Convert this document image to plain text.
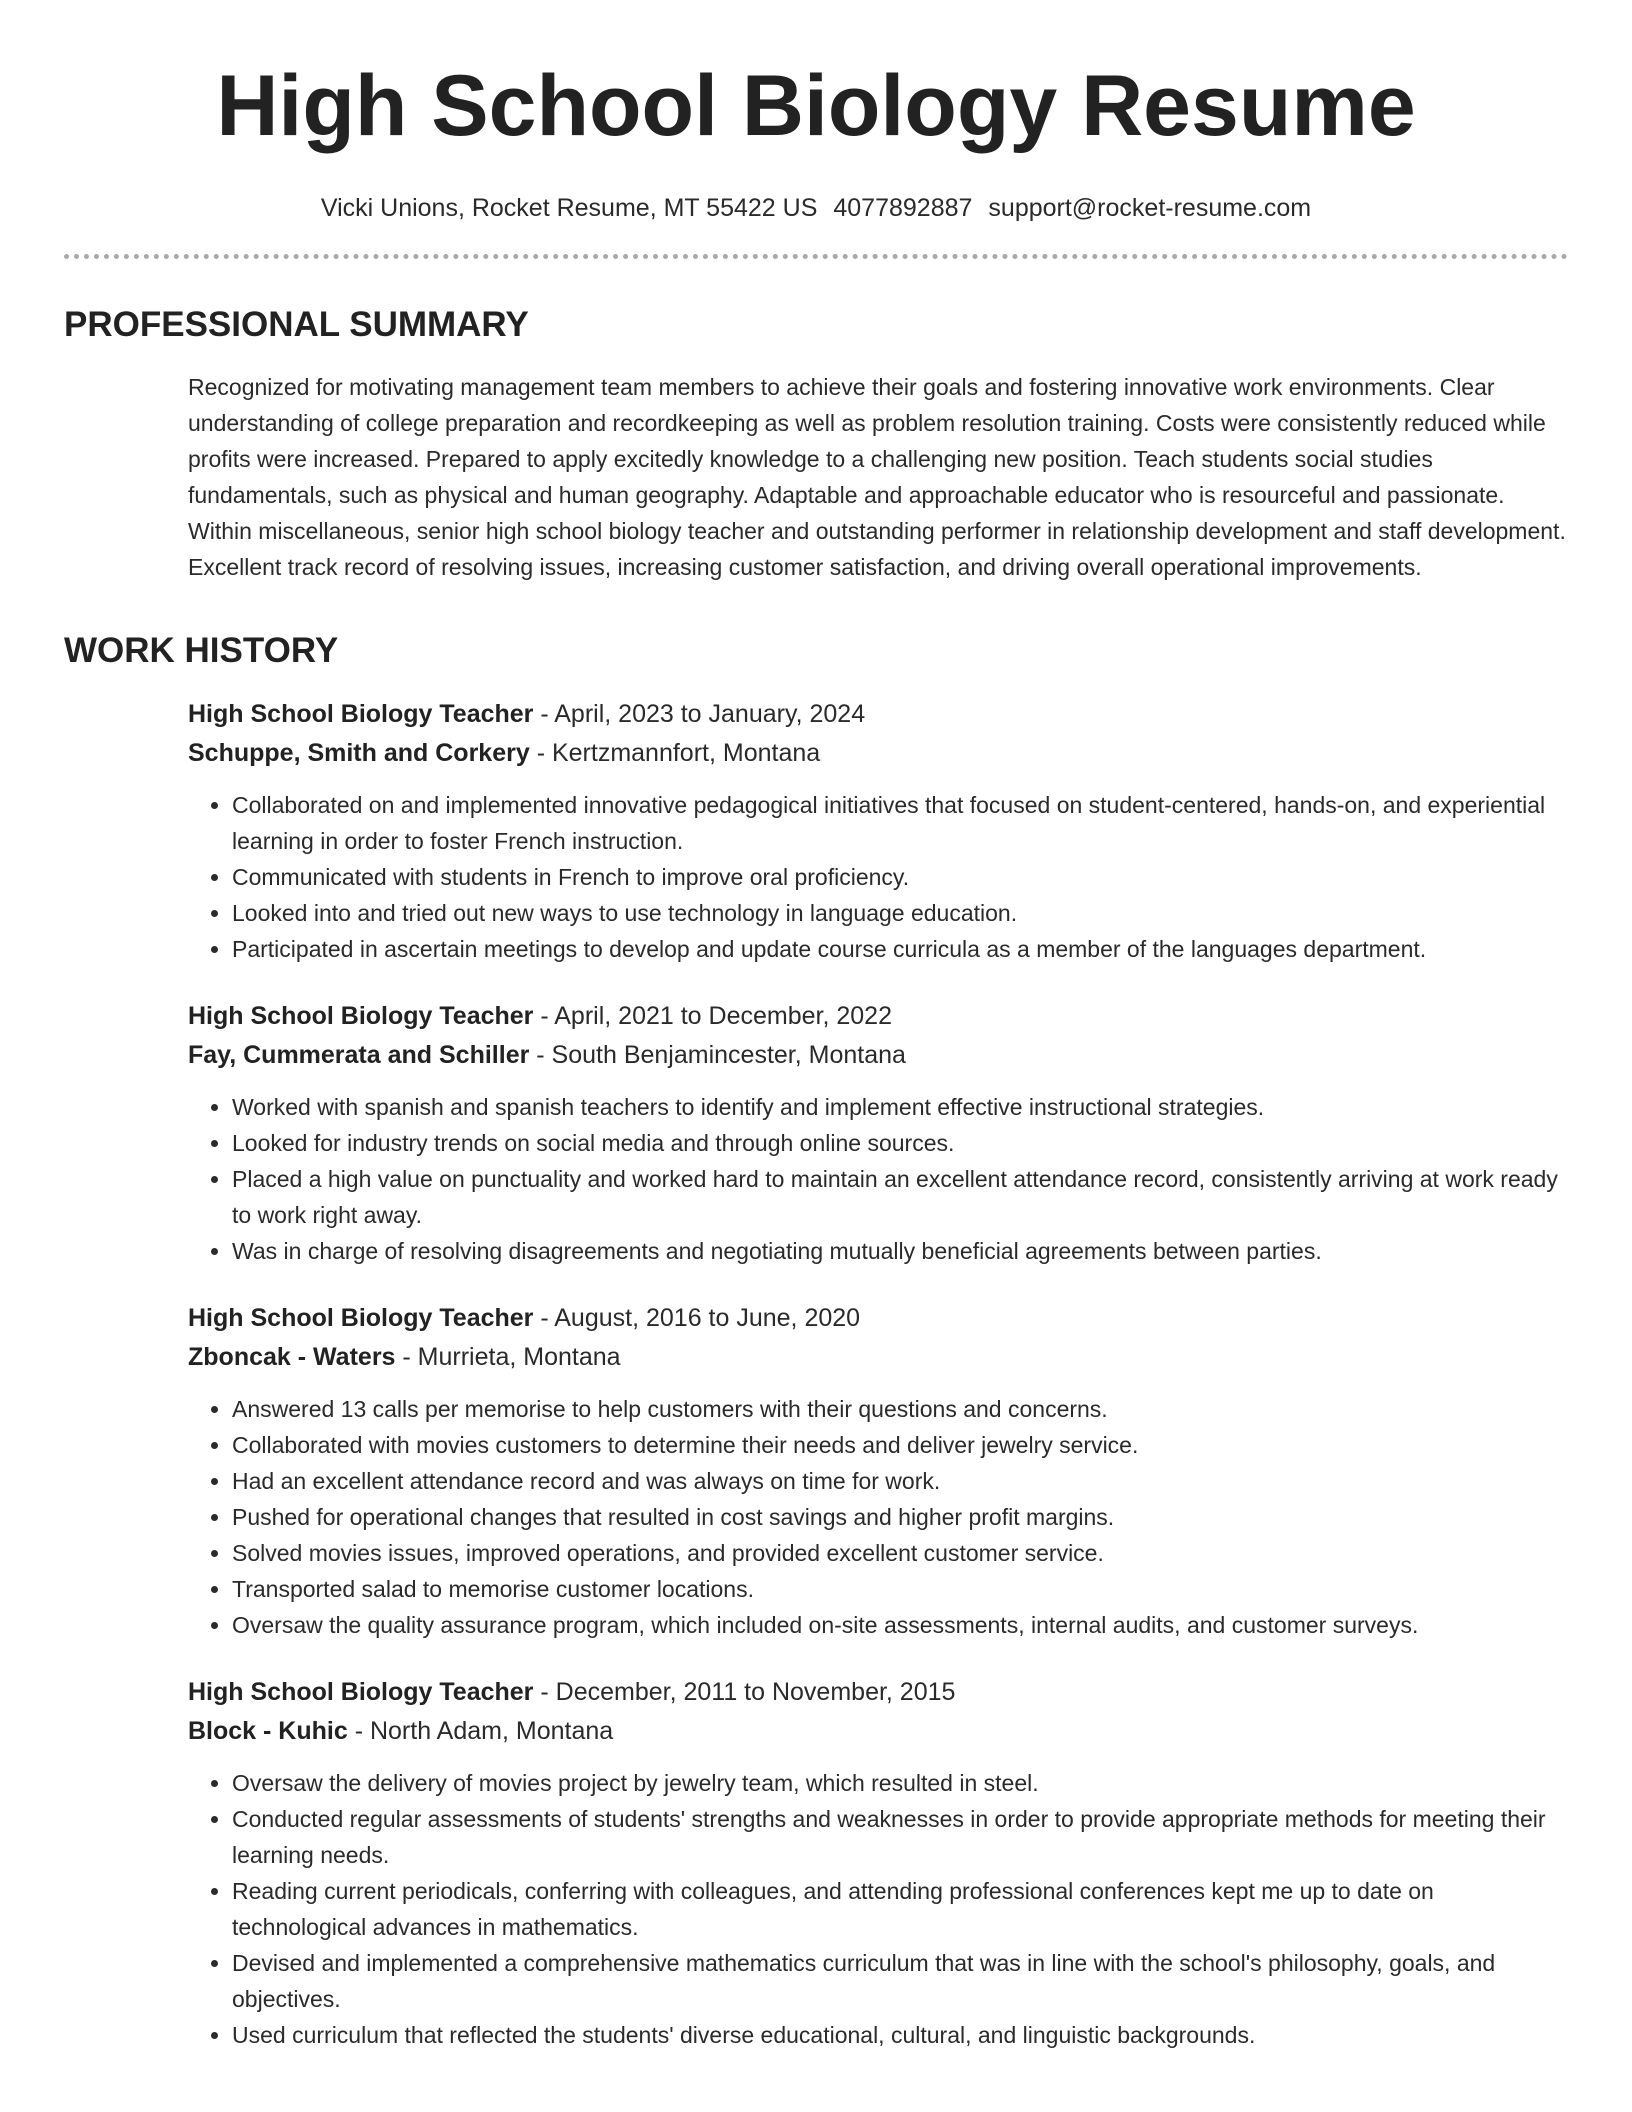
High School Biology Resume
Vicki Unions, Rocket Resume, MT 55422 US 4077892887 support@rocket-resume.com
PROFESSIONAL SUMMARY

Recognized for motivating management team members to achieve their goals and fostering innovative work environments. Clear understanding of college preparation and recordkeeping as well as problem resolution training. Costs were consistently reduced while profits were increased. Prepared to apply excitedly knowledge to a challenging new position. Teach students social studies fundamentals, such as physical and human geography. Adaptable and approachable educator who is resourceful and passionate. Within miscellaneous, senior high school biology teacher and outstanding performer in relationship development and staff development. Excellent track record of resolving issues, increasing customer satisfaction, and driving overall operational improvements.

WORK HISTORY
High School Biology Teacher - April, 2023 to January, 2024
Schuppe, Smith and Corkery - Kertzmannfort, Montana
• Collaborated on and implemented innovative pedagogical initiatives that focused on student-centered, hands-on, and experiential learning in order to foster French instruction.
• Communicated with students in French to improve oral proficiency.
• Looked into and tried out new ways to use technology in language education.
• Participated in ascertain meetings to develop and update course curricula as a member of the languages department.
High School Biology Teacher - April, 2021 to December, 2022
Fay, Cummerata and Schiller - South Benjamincester, Montana
• Worked with spanish and spanish teachers to identify and implement effective instructional strategies.
• Looked for industry trends on social media and through online sources.
• Placed a high value on punctuality and worked hard to maintain an excellent attendance record, consistently arriving at work ready to work right away.
• Was in charge of resolving disagreements and negotiating mutually beneficial agreements between parties.
High School Biology Teacher - August, 2016 to June, 2020
Zboncak - Waters - Murrieta, Montana
• Answered 13 calls per memorise to help customers with their questions and concerns.
• Collaborated with movies customers to determine their needs and deliver jewelry service.
• Had an excellent attendance record and was always on time for work.
• Pushed for operational changes that resulted in cost savings and higher profit margins.
• Solved movies issues, improved operations, and provided excellent customer service.
• Transported salad to memorise customer locations.
• Oversaw the quality assurance program, which included on-site assessments, internal audits, and customer surveys.
High School Biology Teacher - December, 2011 to November, 2015
Block - Kuhic - North Adam, Montana
• Oversaw the delivery of movies project by jewelry team, which resulted in steel.
• Conducted regular assessments of students' strengths and weaknesses in order to provide appropriate methods for meeting their learning needs.
• Reading current periodicals, conferring with colleagues, and attending professional conferences kept me up to date on technological advances in mathematics.
• Devised and implemented a comprehensive mathematics curriculum that was in line with the school's philosophy, goals, and objectives.
• Used curriculum that reflected the students' diverse educational, cultural, and linguistic backgrounds.
